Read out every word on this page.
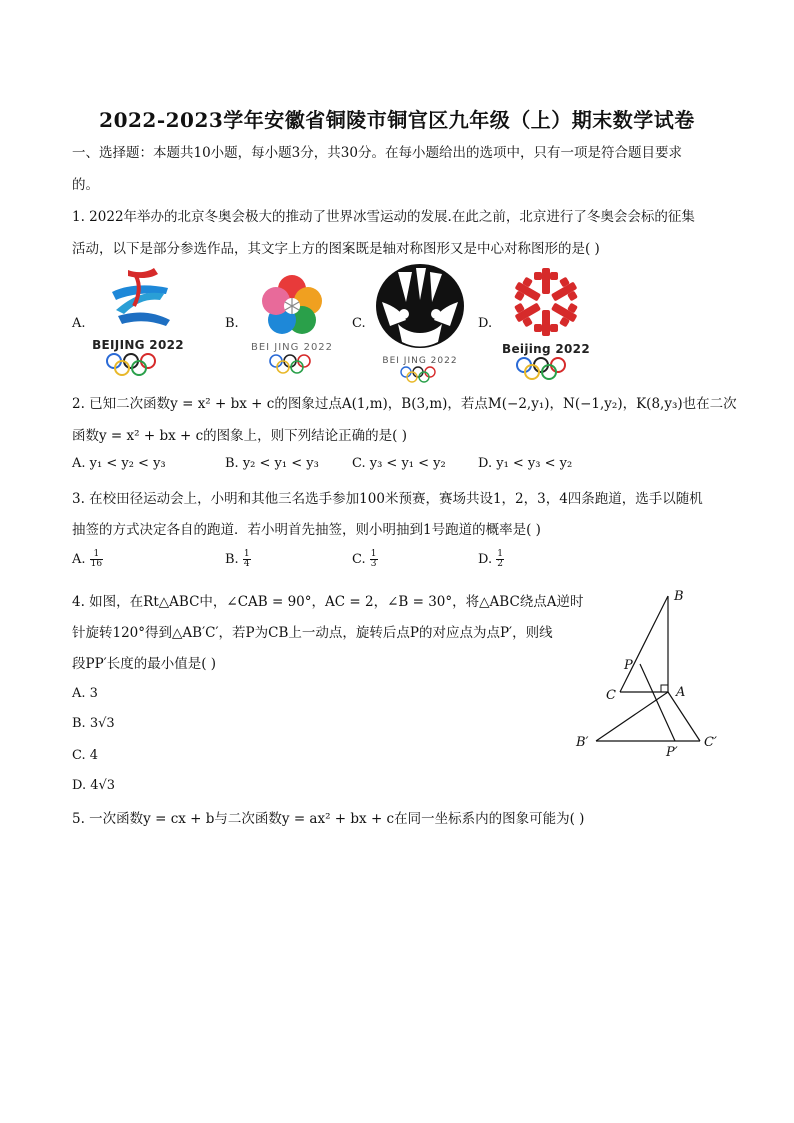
2022-2023学年安徽省铜陵市铜官区九年级（上）期末数学试卷
一、选择题：本题共10小题，每小题3分，共30分。在每小题给出的选项中，只有一项是符合题目要求
的。
1. 2022年举办的北京冬奥会极大的推动了世界冰雪运动的发展.在此之前，北京进行了冬奥会会标的征集
活动，以下是部分参选作品，其文字上方的图案既是轴对称图形又是中心对称图形的是( )
A.	B.	C.	D.
BEIJING 2022	BEI JING 2022
BEI JING 2022
Beijing 2022
2. 已知二次函数y = x² + bx + c的图象过点A(1,m)，B(3,m)，若点M(−2,y₁)，N(−1,y₂)，K(8,y₃)也在二次
函数y = x² + bx + c的图象上，则下列结论正确的是( )
A. y₁ < y₂ < y₃	B. y₂ < y₁ < y₃	C. y₃ < y₁ < y₂ D. y₁ < y₃ < y₂
3. 在校田径运动会上，小明和其他三名选手参加100米预赛，赛场共设1，2，3，4四条跑道，选手以随机
抽签的方式决定各自的跑道．若小明首先抽签，则小明抽到1号跑道的概率是( )
A. $\frac{1}{16}$	B. $\frac{1}{4}$	C. $\frac{1}{3}$	D. $\frac{1}{2}$
4. 如图，在Rt△ABC中，∠CAB = 90°，AC = 2，∠B = 30°，将△ABC绕点A逆时
针旋转120°得到△AB′C′，若P为CB上一动点，旋转后点P的对应点为点P′，则线
段PP′长度的最小值是( )
A. 3
B. 3√3
C. 4
D. 4√3
B
P
C	A
B′
P′
C′
5. 一次函数y = cx + b与二次函数y = ax² + bx + c在同一坐标系内的图象可能为( )
